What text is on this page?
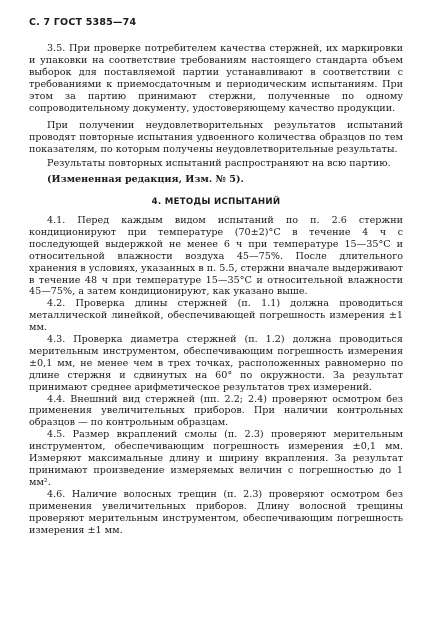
С. 7 ГОСТ 5385—74

3.5. При проверке потребителем качества стержней, их маркировки и упаковки на соответствие требованиям настоящего стандарта объем выборок для поставляемой партии устанавливают в соответствии с требованиями к приемосдаточным и периодическим испытаниям. При этом за партию принимают стержни, полученные по одному сопроводительному документу, удостоверяющему качество продукции.

При получении неудовлетворительных результатов испытаний проводят повторные испытания удвоенного количества образцов по тем показателям, по которым получены неудовлетворительные результаты.

Результаты повторных испытаний распространяют на всю партию.

(Измененная редакция, Изм. № 5).

4. МЕТОДЫ ИСПЫТАНИЙ

4.1. Перед каждым видом испытаний по п. 2.6 стержни кондиционируют при температуре (70±2)°С в течение 4 ч с последующей выдержкой не менее 6 ч при температуре 15—35°С и относительной влажности воздуха 45—75%. После длительного хранения в условиях, указанных в п. 5.5, стержни вначале выдерживают в течение 48 ч при температуре 15—35°С и относительной влажности 45—75%, а затем кондиционируют, как указано выше.

4.2. Проверка длины стержней (п. 1.1) должна проводиться металлической линейкой, обеспечивающей погрешность измерения ±1 мм.

4.3. Проверка диаметра стержней (п. 1.2) должна проводиться мерительным инструментом, обеспечивающим погрешность измерения ±0,1 мм, не менее чем в трех точках, расположенных равномерно по длине стержня и сдвинутых на 60° по окружности. За результат принимают среднее арифметическое результатов трех измерений.

4.4. Внешний вид стержней (пп. 2.2; 2.4) проверяют осмотром без применения увеличительных приборов. При наличии контрольных образцов — по контрольным образцам.

4.5. Размер вкраплений смолы (п. 2.3) проверяют мерительным инструментом, обеспечивающим погрешность измерения ±0,1 мм. Измеряют максимальные длину и ширину вкрапления. За результат принимают произведение измеряемых величин с погрешностью до 1 мм².

4.6. Наличие волосных трещин (п. 2.3) проверяют осмотром без применения увеличительных приборов. Длину волосной трещины проверяют мерительным инструментом, обеспечивающим погрешность измерения ±1 мм.
